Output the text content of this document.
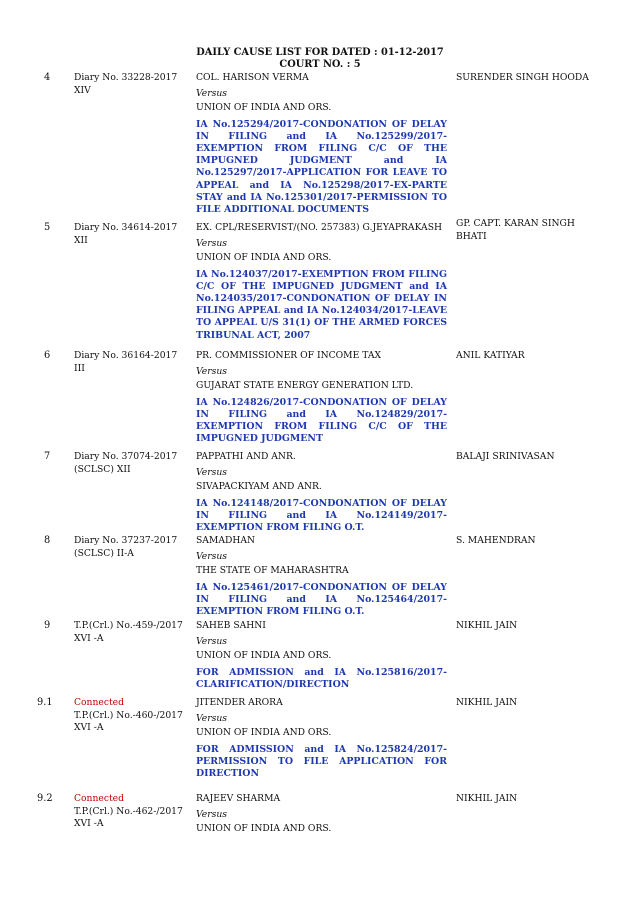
DAILY CAUSE LIST FOR DATED : 01-12-2017
COURT NO. : 5
4	Diary No. 33228-2017
XIV
COL. HARISON VERMA
Versus
UNION OF INDIA AND ORS.
IA No.125294/2017-CONDONATION OF DELAY IN FILING and IA No.125299/2017-EXEMPTION FROM FILING C/C OF THE IMPUGNED JUDGMENT and IA No.125297/2017-APPLICATION FOR LEAVE TO APPEAL and IA No.125298/2017-EX-PARTE STAY and IA No.125301/2017-PERMISSION TO FILE ADDITIONAL DOCUMENTS
SURENDER SINGH HOODA
5	Diary No. 34614-2017
XII
EX. CPL/RESERVIST/(NO. 257383) G.JEYAPRAKASH
Versus
UNION OF INDIA AND ORS.
IA No.124037/2017-EXEMPTION FROM FILING C/C OF THE IMPUGNED JUDGMENT and IA No.124035/2017-CONDONATION OF DELAY IN FILING APPEAL and IA No.124034/2017-LEAVE TO APPEAL U/S 31(1) OF THE ARMED FORCES TRIBUNAL ACT, 2007
GP. CAPT. KARAN SINGH BHATI
6	Diary No. 36164-2017
III
PR. COMMISSIONER OF INCOME TAX
Versus
GUJARAT STATE ENERGY GENERATION LTD.
IA No.124826/2017-CONDONATION OF DELAY IN FILING and IA No.124829/2017-EXEMPTION FROM FILING C/C OF THE IMPUGNED JUDGMENT
ANIL KATIYAR
7	Diary No. 37074-2017
(SCLSC) XII
PAPPATHI AND ANR.
Versus
SIVAPACKIYAM AND ANR.
IA No.124148/2017-CONDONATION OF DELAY IN FILING and IA No.124149/2017-EXEMPTION FROM FILING O.T.
BALAJI SRINIVASAN
8	Diary No. 37237-2017
(SCLSC) II-A
SAMADHAN
Versus
THE STATE OF MAHARASHTRA
IA No.125461/2017-CONDONATION OF DELAY IN FILING and IA No.125464/2017-EXEMPTION FROM FILING O.T.
S. MAHENDRAN
9	T.P.(Crl.) No.-459-/2017
XVI -A
SAHEB SAHNI
Versus
UNION OF INDIA AND ORS.
FOR ADMISSION and IA No.125816/2017-CLARIFICATION/DIRECTION
NIKHIL JAIN
9.1	Connected
T.P.(Crl.) No.-460-/2017
XVI -A
JITENDER ARORA
Versus
UNION OF INDIA AND ORS.
FOR ADMISSION and IA No.125824/2017-PERMISSION TO FILE APPLICATION FOR DIRECTION
NIKHIL JAIN
9.2	Connected
T.P.(Crl.) No.-462-/2017
XVI -A
RAJEEV SHARMA
Versus
UNION OF INDIA AND ORS.
NIKHIL JAIN
